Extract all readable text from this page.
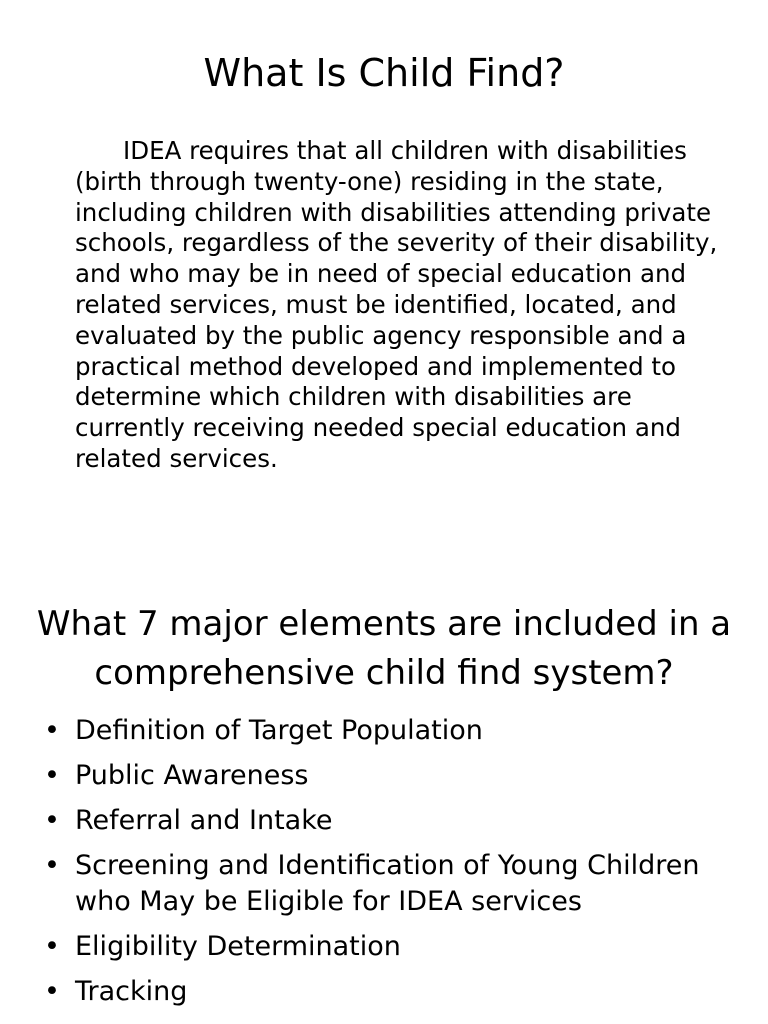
What Is Child Find?

IDEA requires that all children with disabilities (birth through twenty-one) residing in the state, including children with disabilities attending private schools, regardless of the severity of their disability, and who may be in need of special education and related services, must be identified, located, and evaluated by the public agency responsible and a practical method developed and implemented to determine which children with disabilities are currently receiving needed special education and related services.

What 7 major elements are included in a comprehensive child find system?
• Definition of Target Population
• Public Awareness
• Referral and Intake
• Screening and Identification of Young Children who May be Eligible for IDEA services
• Eligibility Determination
• Tracking
